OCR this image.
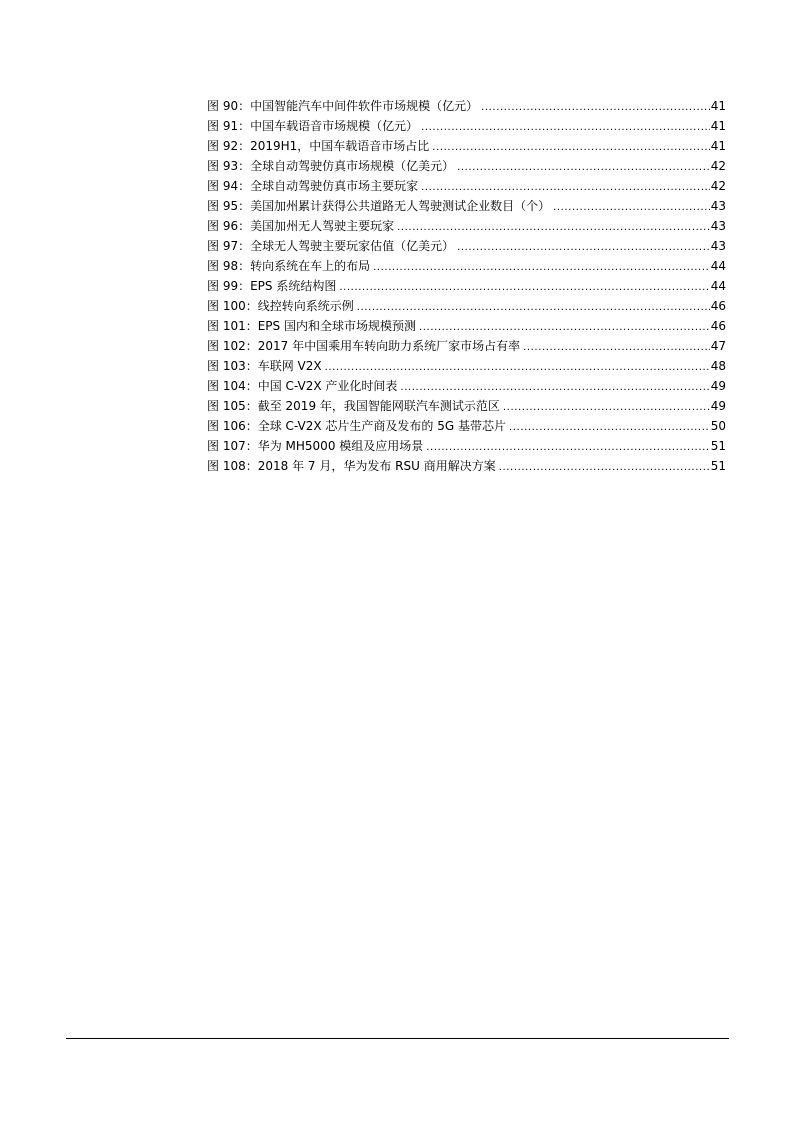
图 90：中国智能汽车中间件软件市场规模（亿元） .....	41
图 91：中国车载语音市场规模（亿元） .....	41
图 92：2019H1，中国车载语音市场占比 .....	41
图 93：全球自动驾驶仿真市场规模（亿美元） .....	42
图 94：全球自动驾驶仿真市场主要玩家 .....	42
图 95：美国加州累计获得公共道路无人驾驶测试企业数目（个） .....	43
图 96：美国加州无人驾驶主要玩家 .....	43
图 97：全球无人驾驶主要玩家估值（亿美元） .....	43
图 98：转向系统在车上的布局 .....	44
图 99：EPS 系统结构图 .....	44
图 100：线控转向系统示例 .....	46
图 101：EPS 国内和全球市场规模预测 .....	46
图 102：2017 年中国乘用车转向助力系统厂家市场占有率 .....	47
图 103：车联网 V2X .....	48
图 104：中国 C-V2X 产业化时间表 .....	49
图 105：截至 2019 年，我国智能网联汽车测试示范区 .....	49
图 106：全球 C-V2X 芯片生产商及发布的 5G 基带芯片 .....	50
图 107：华为 MH5000 模组及应用场景 .....	51
图 108：2018 年 7 月，华为发布 RSU 商用解决方案 .....	51
